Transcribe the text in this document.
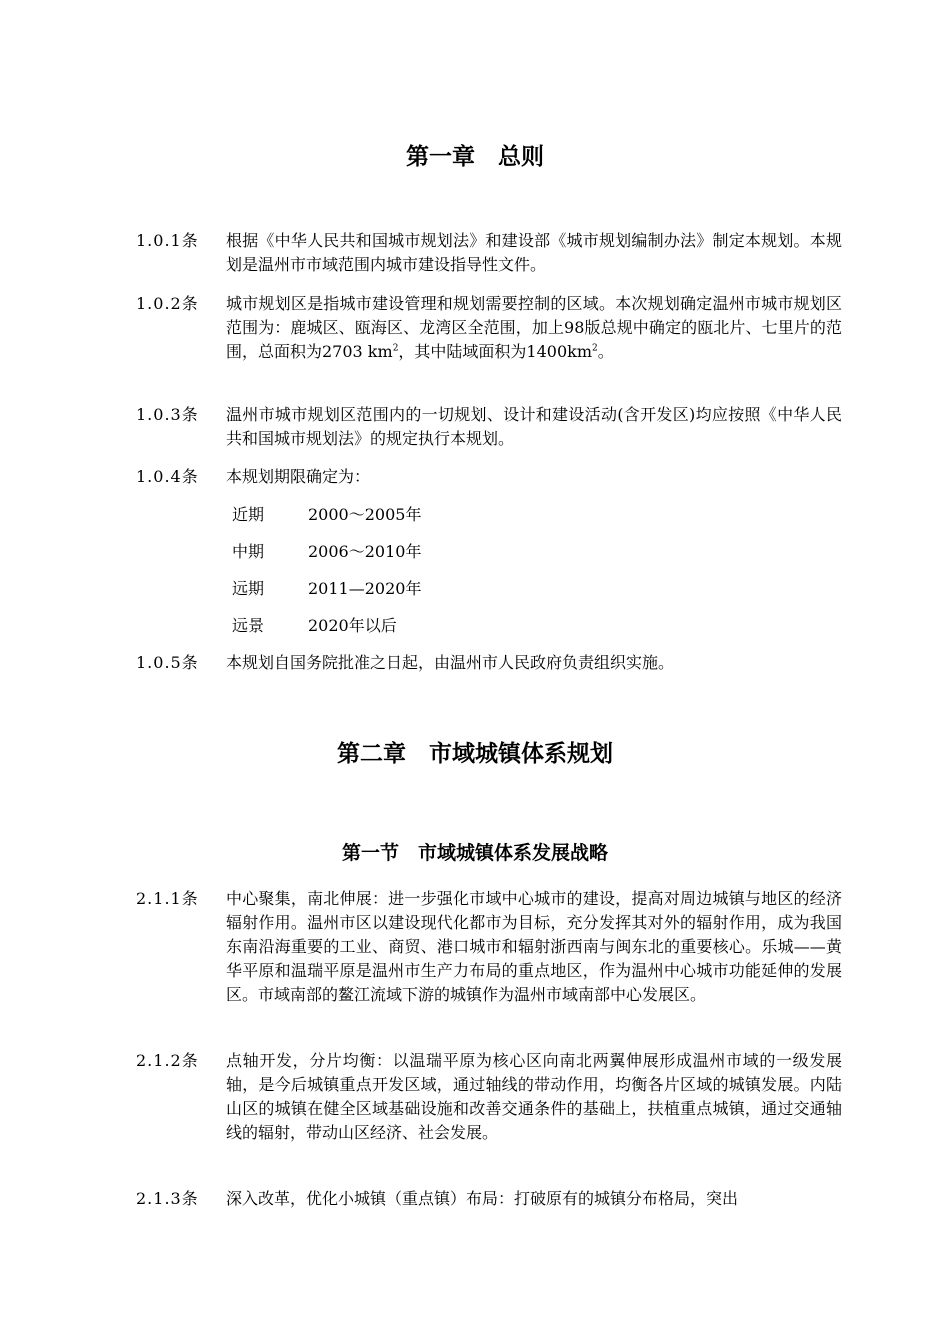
第一章　总则
1.0.1条	根据《中华人民共和国城市规划法》和建设部《城市规划编制办法》制定本规划。本规划是温州市市域范围内城市建设指导性文件。
1.0.2条	城市规划区是指城市建设管理和规划需要控制的区域。本次规划确定温州市城市规划区范围为：鹿城区、瓯海区、龙湾区全范围，加上98版总规中确定的瓯北片、七里片的范围，总面积为2703 $km^2$，其中陆域面积为$1400km^2$。
1.0.3条	温州市城市规划区范围内的一切规划、设计和建设活动(含开发区)均应按照《中华人民共和国城市规划法》的规定执行本规划。
1.0.4条	本规划期限确定为：
近期	2000～2005年
中期	2006～2010年
远期	2011—2020年
远景	2020年以后
1.0.5条	本规划自国务院批准之日起，由温州市人民政府负责组织实施。
第二章　市域城镇体系规划
第一节　市域城镇体系发展战略
2.1.1条	中心聚集，南北伸展：进一步强化市域中心城市的建设，提高对周边城镇与地区的经济辐射作用。温州市区以建设现代化都市为目标，充分发挥其对外的辐射作用，成为我国东南沿海重要的工业、商贸、港口城市和辐射浙西南与闽东北的重要核心。乐城——黄华平原和温瑞平原是温州市生产力布局的重点地区，作为温州中心城市功能延伸的发展区。市域南部的鳌江流域下游的城镇作为温州市域南部中心发展区。
2.1.2条	点轴开发，分片均衡：以温瑞平原为核心区向南北两翼伸展形成温州市域的一级发展轴，是今后城镇重点开发区域，通过轴线的带动作用，均衡各片区域的城镇发展。内陆山区的城镇在健全区域基础设施和改善交通条件的基础上，扶植重点城镇，通过交通轴线的辐射，带动山区经济、社会发展。
2.1.3条	深入改革，优化小城镇（重点镇）布局：打破原有的城镇分布格局，突出
